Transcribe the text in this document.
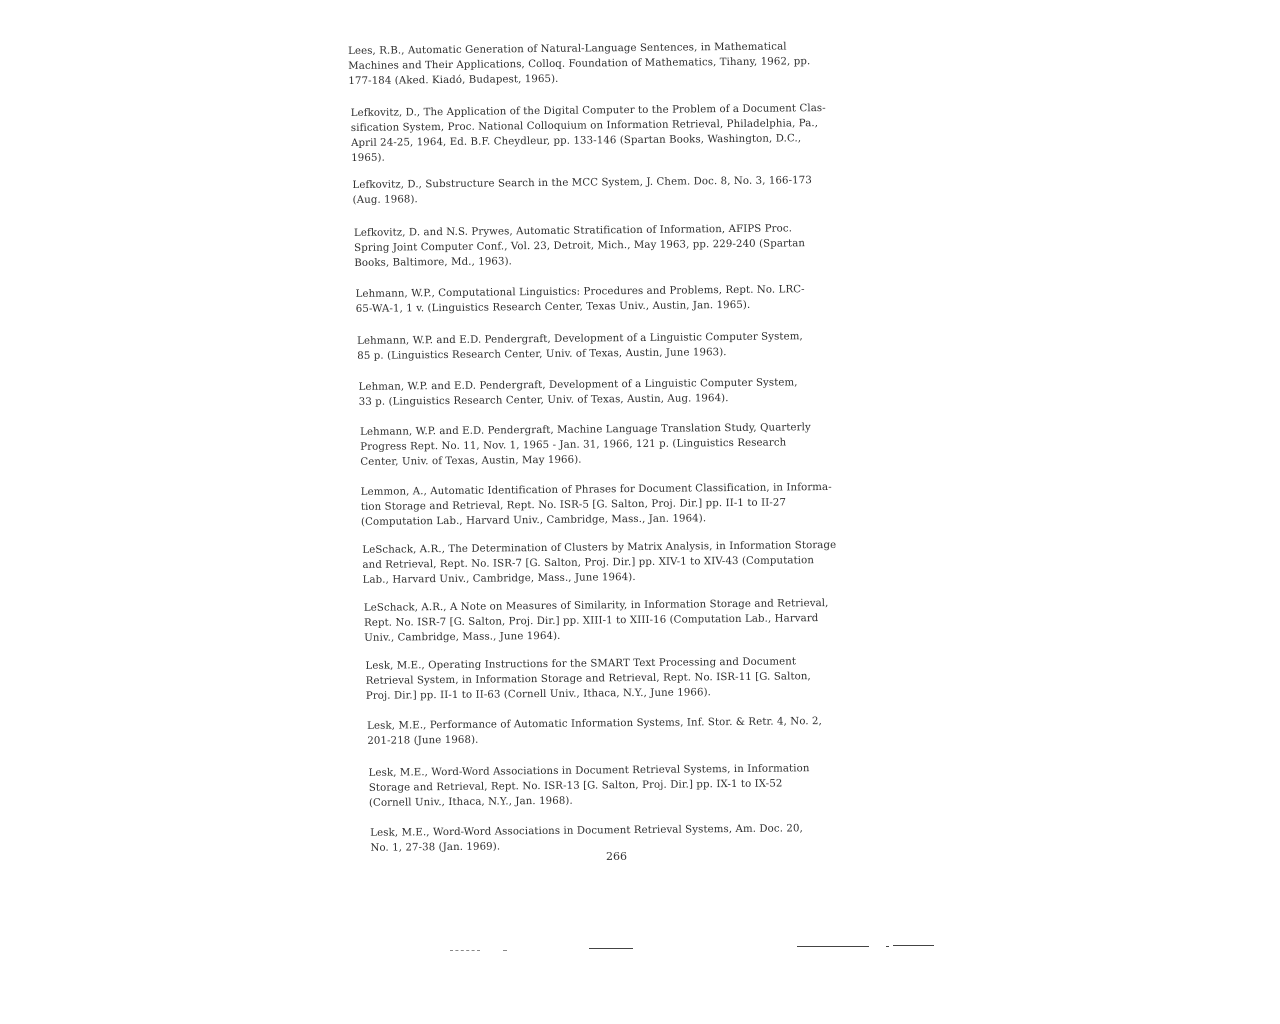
Lees, R.B., Automatic Generation of Natural-Language Sentences, in Mathematical
Machines and Their Applications, Colloq. Foundation of Mathematics, Tihany, 1962, pp.
177-184 (Aked. Kiadó, Budapest, 1965).

Lefkovitz, D., The Application of the Digital Computer to the Problem of a Document Clas-
sification System, Proc. National Colloquium on Information Retrieval, Philadelphia, Pa.,
April 24-25, 1964, Ed. B.F. Cheydleur, pp. 133-146 (Spartan Books, Washington, D.C.,
1965).

Lefkovitz, D., Substructure Search in the MCC System, J. Chem. Doc. 8, No. 3, 166-173
(Aug. 1968).

Lefkovitz, D. and N.S. Prywes, Automatic Stratification of Information, AFIPS Proc.
Spring Joint Computer Conf., Vol. 23, Detroit, Mich., May 1963, pp. 229-240 (Spartan
Books, Baltimore, Md., 1963).

Lehmann, W.P., Computational Linguistics: Procedures and Problems, Rept. No. LRC-
65-WA-1, 1 v. (Linguistics Research Center, Texas Univ., Austin, Jan. 1965).

Lehmann, W.P. and E.D. Pendergraft, Development of a Linguistic Computer System,
85 p. (Linguistics Research Center, Univ. of Texas, Austin, June 1963).

Lehman, W.P. and E.D. Pendergraft, Development of a Linguistic Computer System,
33 p. (Linguistics Research Center, Univ. of Texas, Austin, Aug. 1964).

Lehmann, W.P. and E.D. Pendergraft, Machine Language Translation Study, Quarterly
Progress Rept. No. 11, Nov. 1, 1965 - Jan. 31, 1966, 121 p. (Linguistics Research
Center, Univ. of Texas, Austin, May 1966).

Lemmon, A., Automatic Identification of Phrases for Document Classification, in Informa-
tion Storage and Retrieval, Rept. No. ISR-5 [G. Salton, Proj. Dir.] pp. II-1 to II-27
(Computation Lab., Harvard Univ., Cambridge, Mass., Jan. 1964).

LeSchack, A.R., The Determination of Clusters by Matrix Analysis, in Information Storage
and Retrieval, Rept. No. ISR-7 [G. Salton, Proj. Dir.] pp. XIV-1 to XIV-43 (Computation
Lab., Harvard Univ., Cambridge, Mass., June 1964).

LeSchack, A.R., A Note on Measures of Similarity, in Information Storage and Retrieval,
Rept. No. ISR-7 [G. Salton, Proj. Dir.] pp. XIII-1 to XIII-16 (Computation Lab., Harvard
Univ., Cambridge, Mass., June 1964).

Lesk, M.E., Operating Instructions for the SMART Text Processing and Document
Retrieval System, in Information Storage and Retrieval, Rept. No. ISR-11 [G. Salton,
Proj. Dir.] pp. II-1 to II-63 (Cornell Univ., Ithaca, N.Y., June 1966).

Lesk, M.E., Performance of Automatic Information Systems, Inf. Stor. & Retr. 4, No. 2,
201-218 (June 1968).

Lesk, M.E., Word-Word Associations in Document Retrieval Systems, in Information
Storage and Retrieval, Rept. No. ISR-13 [G. Salton, Proj. Dir.] pp. IX-1 to IX-52
(Cornell Univ., Ithaca, N.Y., Jan. 1968).

Lesk, M.E., Word-Word Associations in Document Retrieval Systems, Am. Doc. 20,
No. 1, 27-38 (Jan. 1969).

266
